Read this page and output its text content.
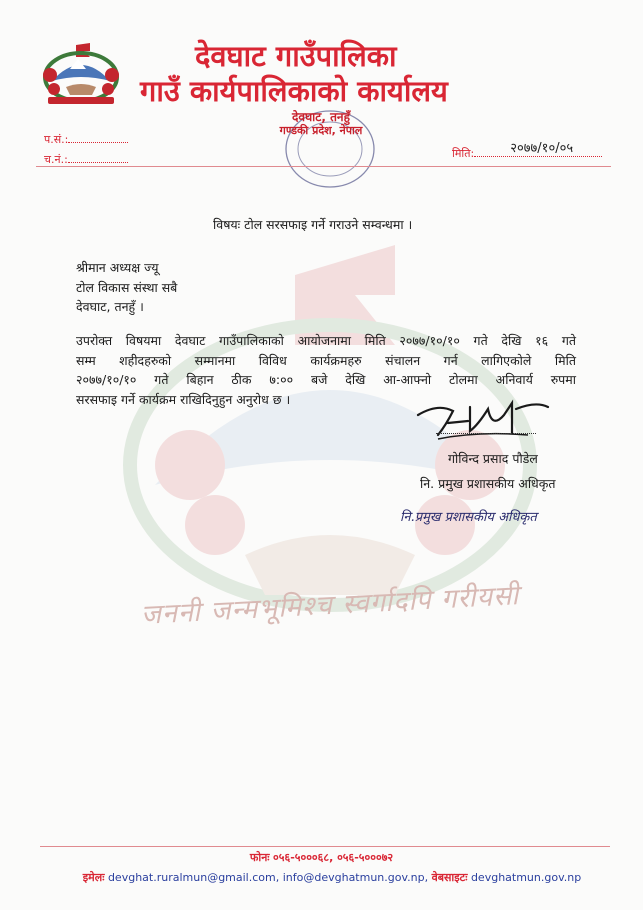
जननी जन्मभूमिश्च स्वर्गादपि गरीयसी
देवघाट गाउँपालिका
गाउँ कार्यपालिकाको कार्यालय
देवघाट, तनहुँ
गण्डकी प्रदेश, नेपाल
प.सं.:
च.नं.:	मिति:	२०७७/१०/०५
विषयः टोल सरसफाइ गर्ने गराउने सम्वन्धमा ।
श्रीमान अध्यक्ष ज्यू
टोल विकास संस्था सबै
देवघाट, तनहुँ ।
उपरोक्त विषयमा देवघाट गाउँपालिकाको आयोजनामा मिति २०७७/१०/१० गते देखि १६ गते
सम्म शहीदहरुको सम्मानमा विविध कार्यक्रमहरु संचालन गर्न लागिएकोले मिति
२०७७/१०/१० गते बिहान ठीक ७:०० बजे देखि आ-आफ्नो टोलमा अनिवार्य रुपमा
सरसफाइ गर्ने कार्यक्रम राखिदिनुहुन अनुरोध छ ।
गोविन्द प्रसाद पौडेल
नि. प्रमुख प्रशासकीय अधिकृत
नि.प्रमुख प्रशासकीय अधिकृत
फोनः ०५६-५०००६८, ०५६-५०००७२
इमेलः devghat.ruralmun@gmail.com, info@devghatmun.gov.np, वेबसाइटः devghatmun.gov.np
